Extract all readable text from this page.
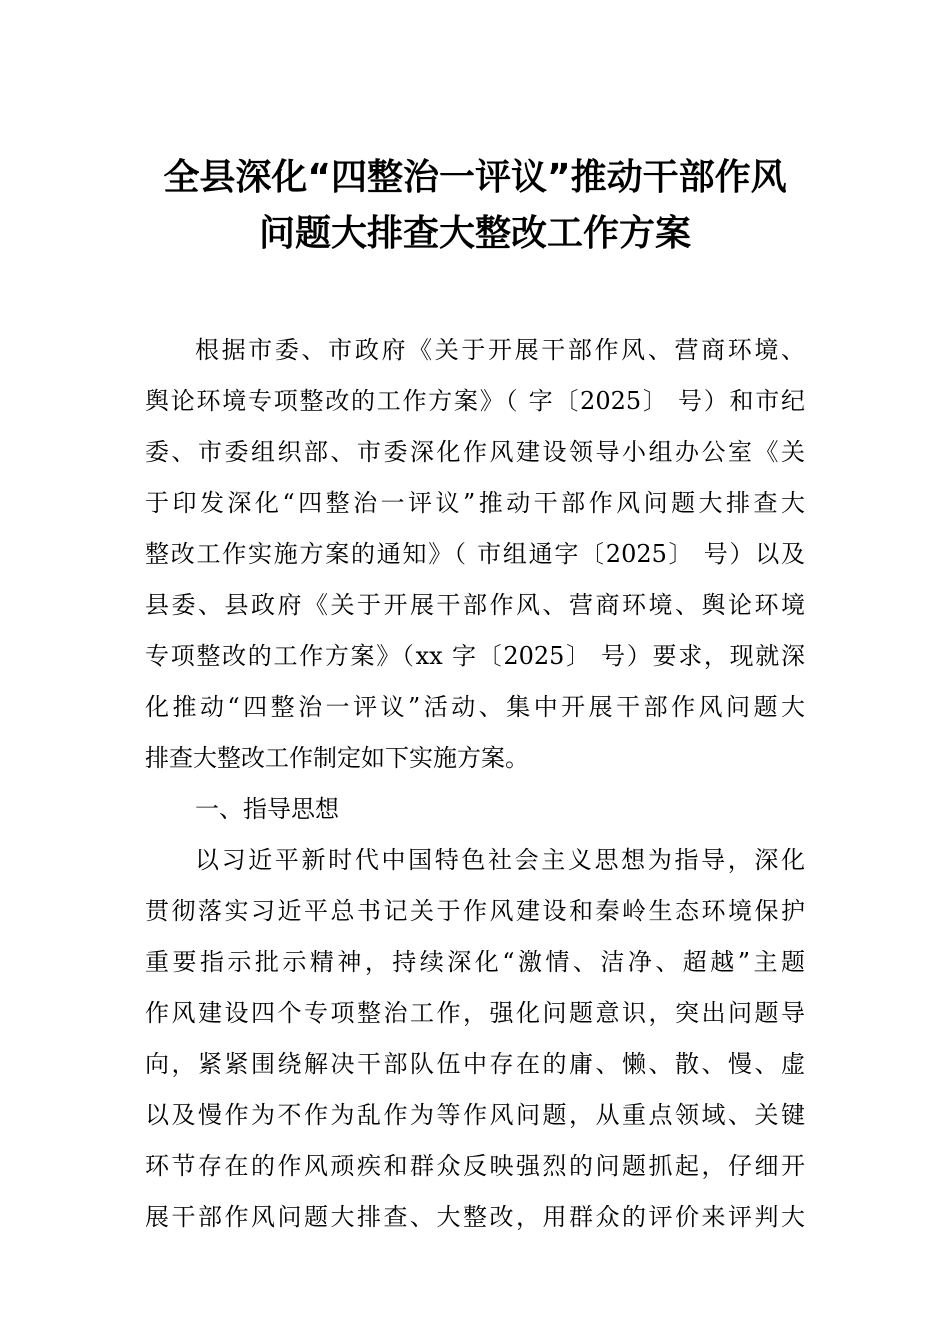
全县深化“四整治一评议”推动干部作风
问题大排查大整改工作方案
根据市委、市政府《关于开展干部作风、营商环境、
舆论环境专项整改的工作方案》（ 字〔2025〕 号）和市纪
委、市委组织部、市委深化作风建设领导小组办公室《关
于印发深化“四整治一评议”推动干部作风问题大排查大
整改工作实施方案的通知》（ 市组通字〔2025〕 号）以及
县委、县政府《关于开展干部作风、营商环境、舆论环境
专项整改的工作方案》（xx 字〔2025〕 号）要求，现就深
化推动“四整治一评议”活动、集中开展干部作风问题大
排查大整改工作制定如下实施方案。
一、指导思想
以习近平新时代中国特色社会主义思想为指导，深化
贯彻落实习近平总书记关于作风建设和秦岭生态环境保护
重要指示批示精神，持续深化“激情、洁净、超越”主题
作风建设四个专项整治工作，强化问题意识，突出问题导
向，紧紧围绕解决干部队伍中存在的庸、懒、散、慢、虚
以及慢作为不作为乱作为等作风问题，从重点领域、关键
环节存在的作风顽疾和群众反映强烈的问题抓起，仔细开
展干部作风问题大排查、大整改，用群众的评价来评判大
